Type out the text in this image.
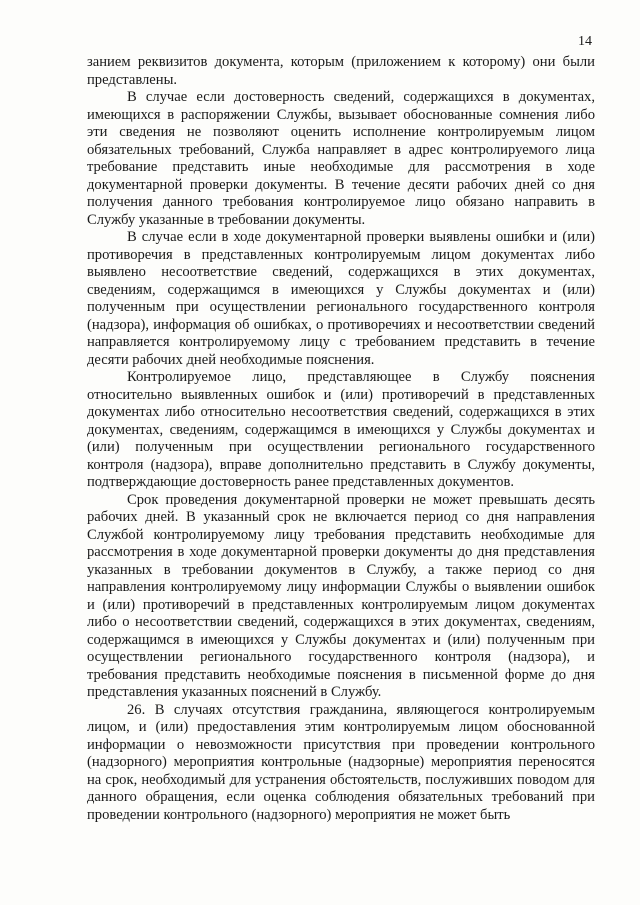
14

занием реквизитов документа, которым (приложением к которому) они были представлены.

В случае если достоверность сведений, содержащихся в документах, имеющихся в распоряжении Службы, вызывает обоснованные сомнения либо эти сведения не позволяют оценить исполнение контролируемым лицом обязательных требований, Служба направляет в адрес контролируемого лица требование представить иные необходимые для рассмотрения в ходе документарной проверки документы. В течение десяти рабочих дней со дня получения данного требования контролируемое лицо обязано направить в Службу указанные в требовании документы.

В случае если в ходе документарной проверки выявлены ошибки и (или) противоречия в представленных контролируемым лицом документах либо выявлено несоответствие сведений, содержащихся в этих документах, сведениям, содержащимся в имеющихся у Службы документах и (или) полученным при осуществлении регионального государственного контроля (надзора), информация об ошибках, о противоречиях и несоответствии сведений направляется контролируемому лицу с требованием представить в течение десяти рабочих дней необходимые пояснения.

Контролируемое лицо, представляющее в Службу пояснения относительно выявленных ошибок и (или) противоречий в представленных документах либо относительно несоответствия сведений, содержащихся в этих документах, сведениям, содержащимся в имеющихся у Службы документах и (или) полученным при осуществлении регионального государственного контроля (надзора), вправе дополнительно представить в Службу документы, подтверждающие достоверность ранее представленных документов.

Срок проведения документарной проверки не может превышать десять рабочих дней. В указанный срок не включается период со дня направления Службой контролируемому лицу требования представить необходимые для рассмотрения в ходе документарной проверки документы до дня представления указанных в требовании документов в Службу, а также период со дня направления контролируемому лицу информации Службы о выявлении ошибок и (или) противоречий в представленных контролируемым лицом документах либо о несоответствии сведений, содержащихся в этих документах, сведениям, содержащимся в имеющихся у Службы документах и (или) полученным при осуществлении регионального государственного контроля (надзора), и требования представить необходимые пояснения в письменной форме до дня представления указанных пояснений в Службу.

26. В случаях отсутствия гражданина, являющегося контролируемым лицом, и (или) предоставления этим контролируемым лицом обоснованной информации о невозможности присутствия при проведении контрольного (надзорного) мероприятия контрольные (надзорные) мероприятия переносятся на срок, необходимый для устранения обстоятельств, послуживших поводом для данного обращения, если оценка соблюдения обязательных требований при проведении контрольного (надзорного) мероприятия не может быть
